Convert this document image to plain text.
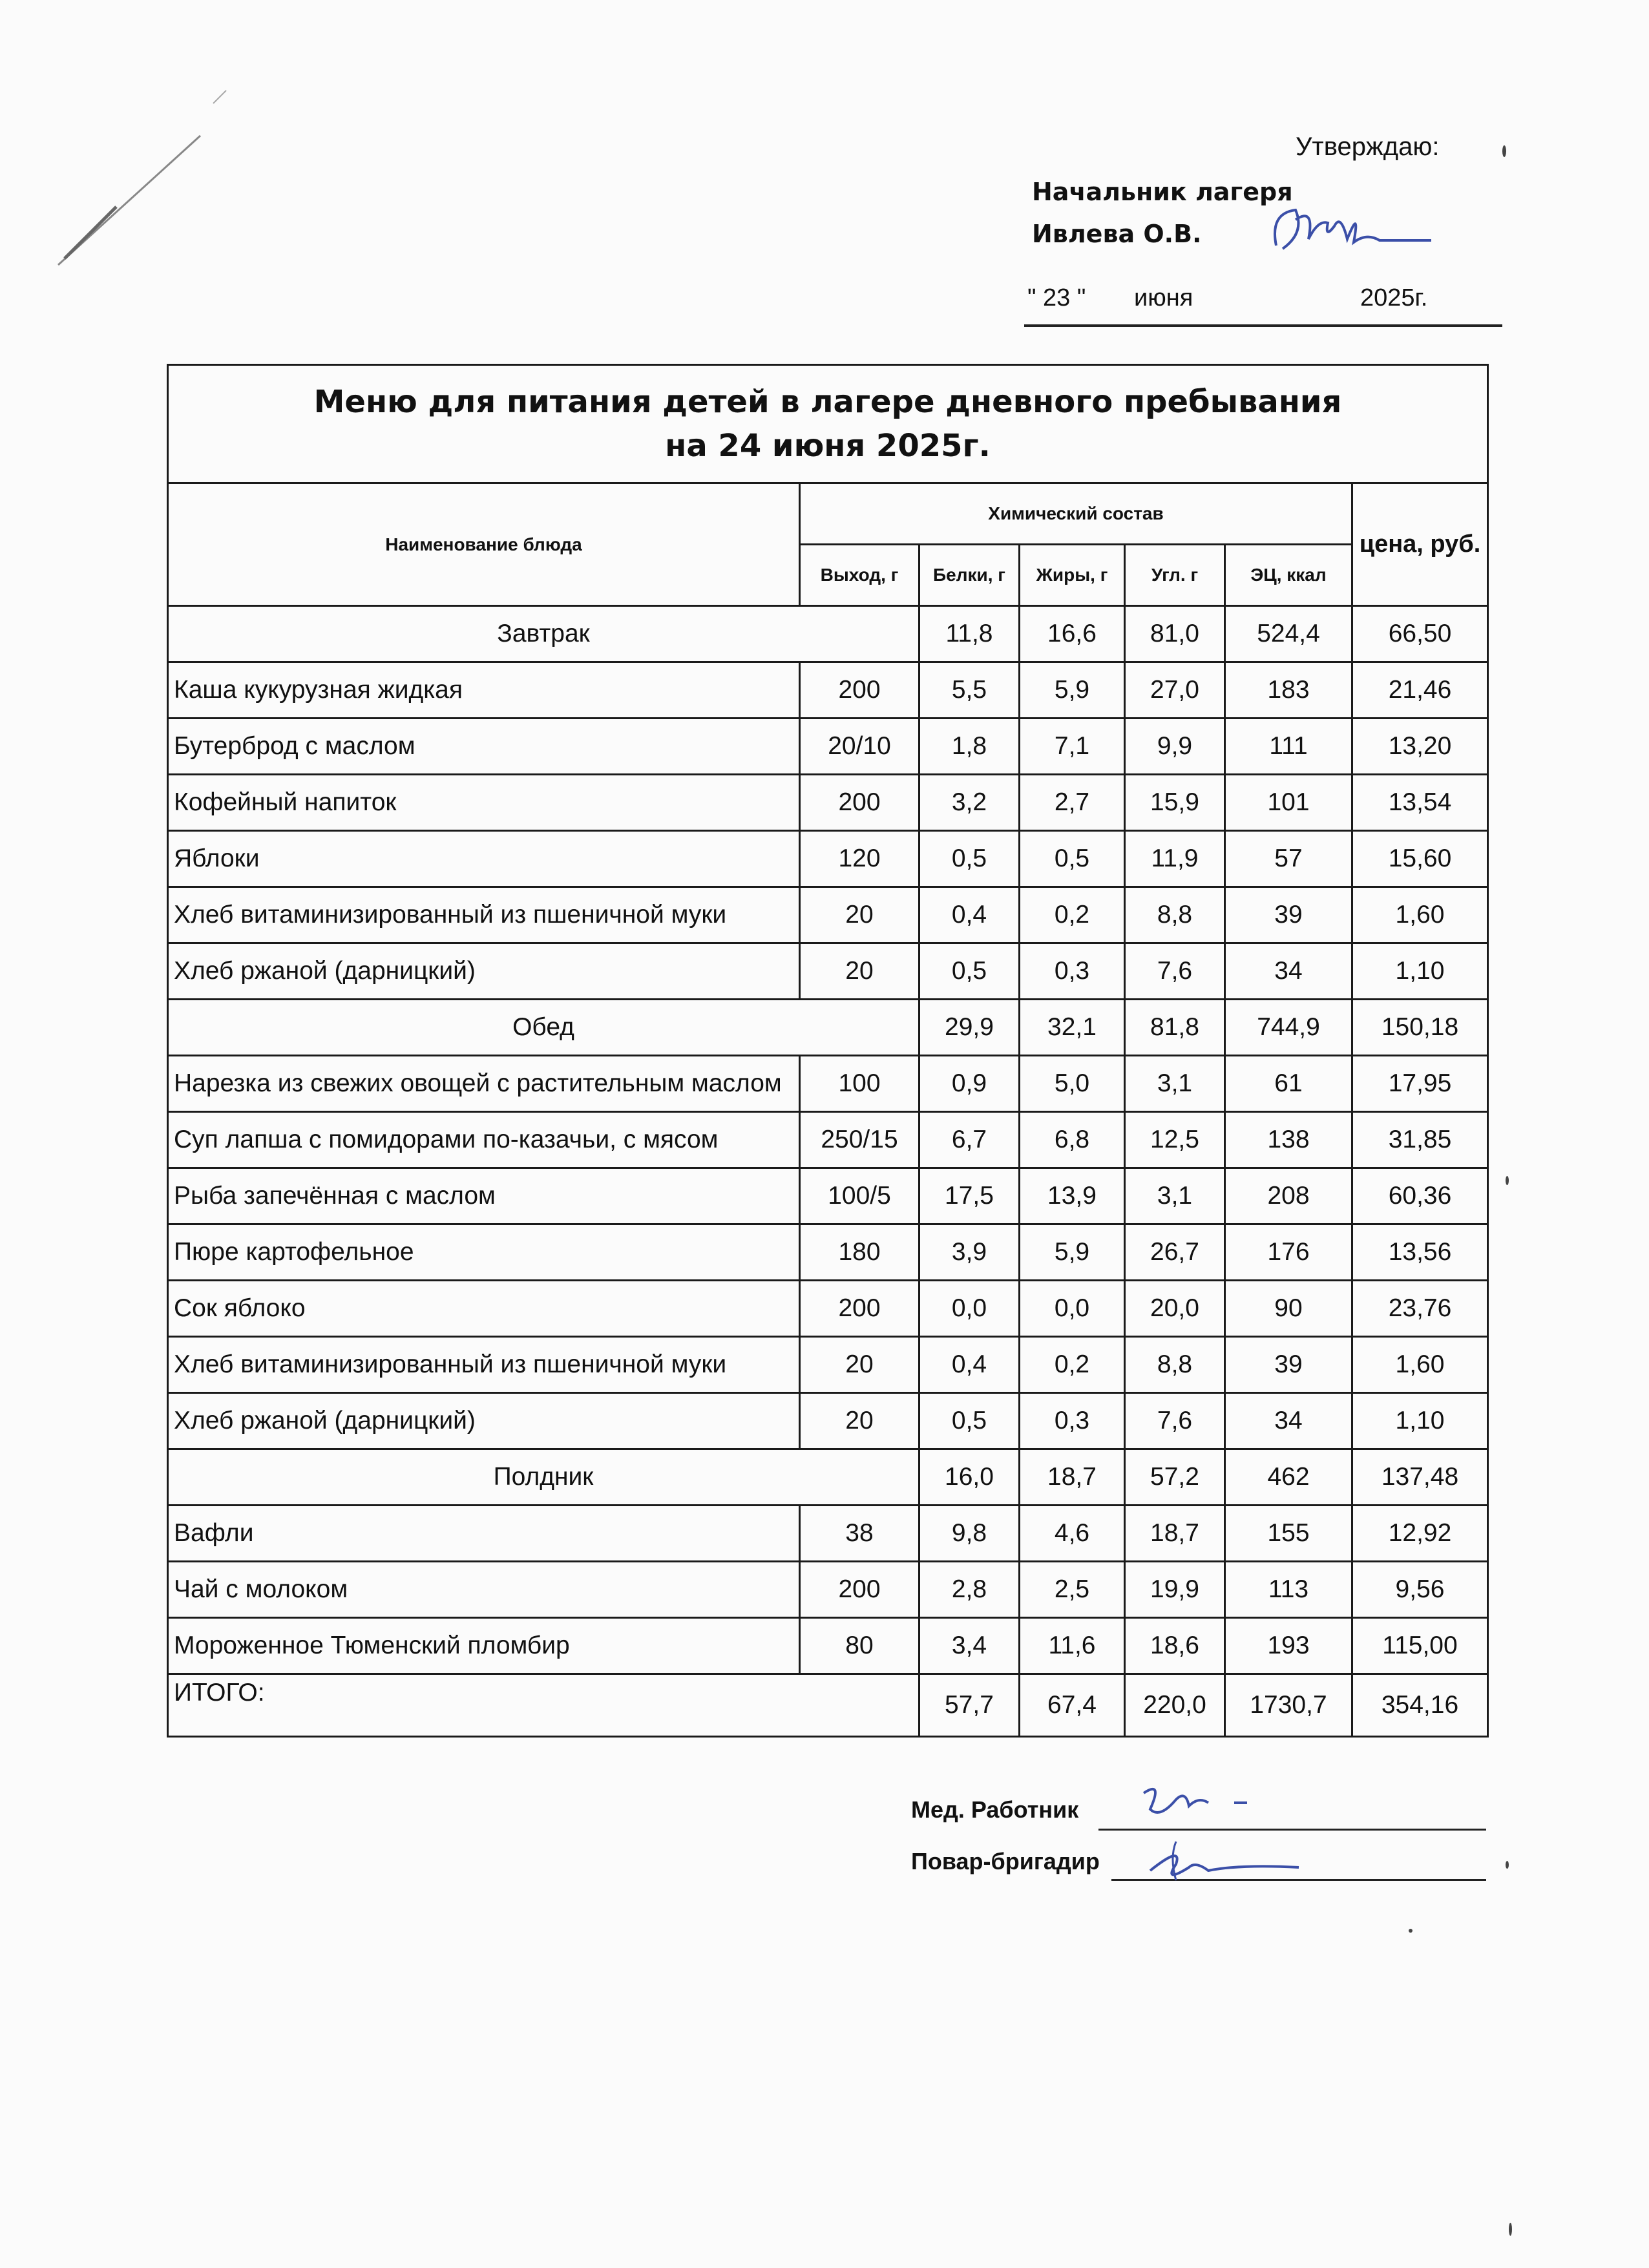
Утверждаю:
Начальник лагеря
Ивлева О.В.
" 23 " июня	2025г.
Меню для питания детей в лагере дневного пребывания
на 24 июня 2025г.						

Наименование блюда	Химический состав					цена, руб.
	Выход, г	Белки, г	Жиры, г	Угл. г	ЭЦ, ккал	
Завтрак		11,8	16,6	81,0	524,4	66,50
Каша кукурузная жидкая	200	5,5	5,9	27,0	183	21,46
Бутерброд с маслом	20/10	1,8	7,1	9,9	111	13,20
Кофейный напиток	200	3,2	2,7	15,9	101	13,54
Яблоки	120	0,5	0,5	11,9	57	15,60
Хлеб витаминизированный из пшеничной муки	20	0,4	0,2	8,8	39	1,60
Хлеб ржаной (дарницкий)	20	0,5	0,3	7,6	34	1,10
Обед		29,9	32,1	81,8	744,9	150,18
Нарезка из свежих овощей с растительным маслом	100	0,9	5,0	3,1	61	17,95
Суп лапша с помидорами по-казачьи, с мясом	250/15	6,7	6,8	12,5	138	31,85
Рыба запечённая с маслом	100/5	17,5	13,9	3,1	208	60,36
Пюре картофельное	180	3,9	5,9	26,7	176	13,56
Сок яблоко	200	0,0	0,0	20,0	90	23,76
Хлеб витаминизированный из пшеничной муки	20	0,4	0,2	8,8	39	1,60
Хлеб ржаной (дарницкий)	20	0,5	0,3	7,6	34	1,10
Полдник		16,0	18,7	57,2	462	137,48
Вафли	38	9,8	4,6	18,7	155	12,92
Чай с молоком	200	2,8	2,5	19,9	113	9,56
Мороженное Тюменский пломбир	80	3,4	11,6	18,6	193	115,00
ИТОГО:		57,7	67,4	220,0	1730,7	354,16
Мед. Работник
Повар-бригадир
